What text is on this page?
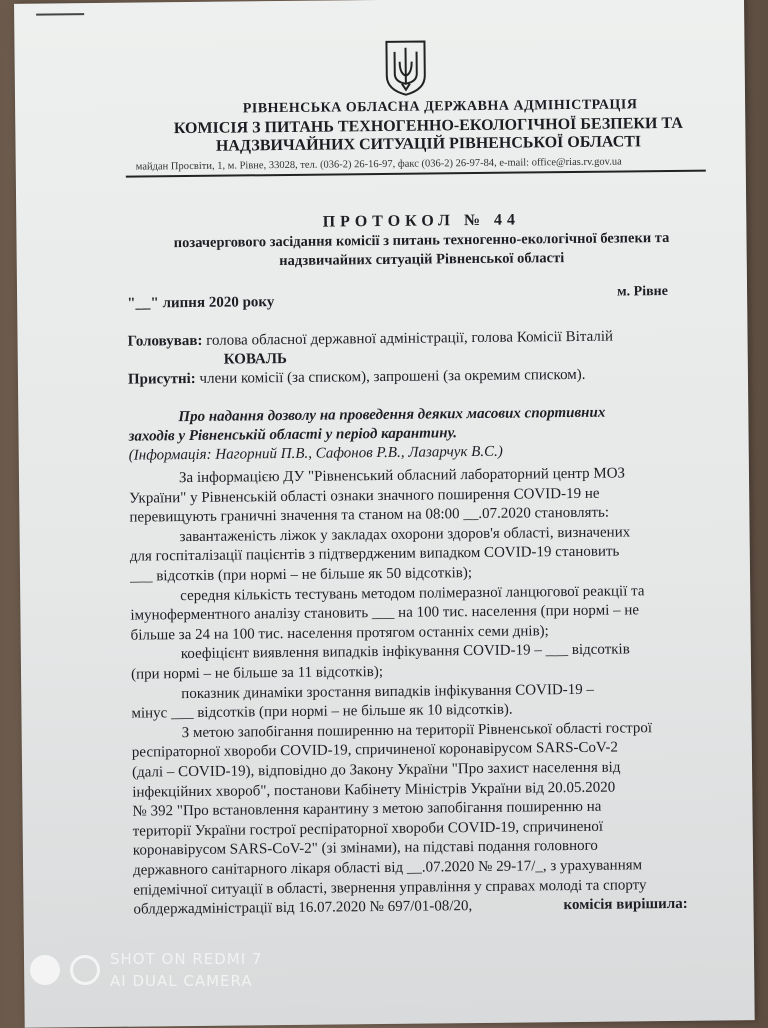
РІВНЕНСЬКА ОБЛАСНА ДЕРЖАВНА АДМІНІСТРАЦІЯ
КОМІСІЯ З ПИТАНЬ ТЕХНОГЕННО-ЕКОЛОГІЧНОЇ БЕЗПЕКИ ТА
НАДЗВИЧАЙНИХ СИТУАЦІЙ РІВНЕНСЬКОЇ ОБЛАСТІ
майдан Просвіти, 1, м. Рівне, 33028, тел. (036-2) 26-16-97, факс (036-2) 26-97-84, e-mail: office@rias.rv.gov.ua
ПРОТОКОЛ № 44
позачергового засідання комісії з питань техногенно-екологічної безпеки та
надзвичайних ситуацій Рівненської області
"__" липня 2020 року
м. Рівне
Головував: голова обласної державної адміністрації, голова Комісії Віталій
КОВАЛЬ
Присутні: члени комісії (за списком), запрошені (за окремим списком).
Про надання дозволу на проведення деяких масових спортивних
заходів у Рівненській області у період карантину.
(Інформація: Нагорний П.В., Сафонов Р.В., Лазарчук В.С.)
За інформацією ДУ "Рівненський обласний лабораторний центр МОЗ
України" у Рівненській області ознаки значного поширення COVID-19 не
перевищують граничні значення та станом на 08:00 __.07.2020 становлять:
завантаженість ліжок у закладах охорони здоров'я області, визначених
для госпіталізації пацієнтів з підтвердженим випадком COVID-19 становить
___ відсотків (при нормі – не більше як 50 відсотків);
середня кількість тестувань методом полімеразної ланцюгової реакції та
імуноферментного аналізу становить ___ на 100 тис. населення (при нормі – не
більше за 24 на 100 тис. населення протягом останніх семи днів);
коефіцієнт виявлення випадків інфікування COVID-19 – ___ відсотків
(при нормі – не більше за 11 відсотків);
показник динаміки зростання випадків інфікування COVID-19 –
мінус ___ відсотків (при нормі – не більше як 10 відсотків).
З метою запобігання поширенню на території Рівненської області гострої
респіраторної хвороби COVID-19, спричиненої коронавірусом SARS-CoV-2
(далі – COVID-19), відповідно до Закону України "Про захист населення від
інфекційних хвороб", постанови Кабінету Міністрів України від 20.05.2020
№ 392 "Про встановлення карантину з метою запобігання поширенню на
території України гострої респіраторної хвороби COVID-19, спричиненої
коронавірусом SARS-CoV-2" (зі змінами), на підставі подання головного
державного санітарного лікаря області від __.07.2020 № 29-17/_, з урахуванням
епідемічної ситуації в області, звернення управління у справах молоді та спорту
облдержадміністрації від 16.07.2020 № 697/01-08/20,	комісія вирішила:
SHOT ON REDMI 7
AI DUAL CAMERA
